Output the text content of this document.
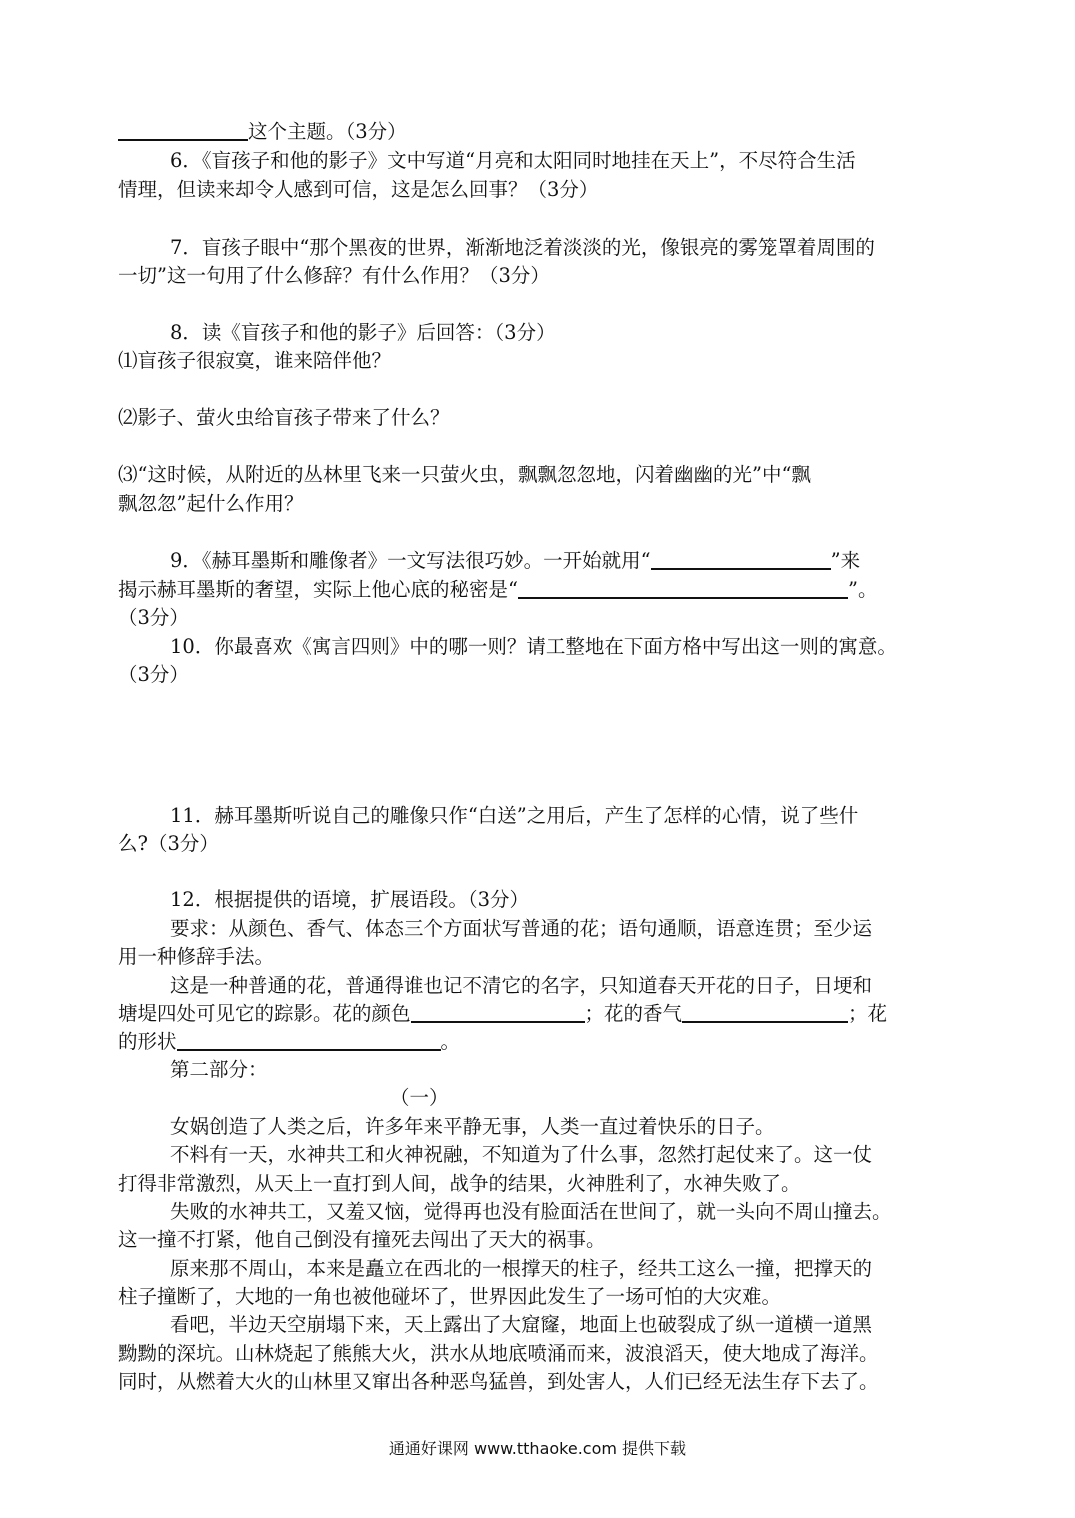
这个主题。（3分）
6．《盲孩子和他的影子》文中写道“月亮和太阳同时地挂在天上”，不尽符合生活
情理，但读来却令人感到可信，这是怎么回事？（3分）
7．盲孩子眼中“那个黑夜的世界，渐渐地泛着淡淡的光，像银亮的雾笼罩着周围的
一切”这一句用了什么修辞？有什么作用？（3分）
8．读《盲孩子和他的影子》后回答：（3分）
⑴盲孩子很寂寞，谁来陪伴他？
⑵影子、萤火虫给盲孩子带来了什么？
⑶“这时候，从附近的丛林里飞来一只萤火虫，飘飘忽忽地，闪着幽幽的光”中“飘
飘忽忽”起什么作用？
9．《赫耳墨斯和雕像者》一文写法很巧妙。一开始就用“	”来
揭示赫耳墨斯的奢望，实际上他心底的秘密是“	”。
（3分）
10．你最喜欢《寓言四则》中的哪一则？请工整地在下面方格中写出这一则的寓意。
（3分）
11．赫耳墨斯听说自己的雕像只作“白送”之用后，产生了怎样的心情，说了些什
么?（3分）
12．根据提供的语境，扩展语段。（3分）
要求：从颜色、香气、体态三个方面状写普通的花；语句通顺，语意连贯；至少运
用一种修辞手法。
这是一种普通的花，普通得谁也记不清它的名字，只知道春天开花的日子，日埂和
塘堤四处可见它的踪影。花的颜色	；花的香气	；花
的形状	。
第二部分：
（一）
女娲创造了人类之后，许多年来平静无事，人类一直过着快乐的日子。
不料有一天，水神共工和火神祝融，不知道为了什么事，忽然打起仗来了。这一仗
打得非常激烈，从天上一直打到人间，战争的结果，火神胜利了，水神失败了。
失败的水神共工，又羞又恼，觉得再也没有脸面活在世间了，就一头向不周山撞去。
这一撞不打紧，他自己倒没有撞死去闯出了天大的祸事。
原来那不周山，本来是矗立在西北的一根撑天的柱子，经共工这么一撞，把撑天的
柱子撞断了，大地的一角也被他碰坏了，世界因此发生了一场可怕的大灾难。
看吧，半边天空崩塌下来，天上露出了大窟窿，地面上也破裂成了纵一道横一道黑
黝黝的深坑。山林烧起了熊熊大火，洪水从地底喷涌而来，波浪滔天，使大地成了海洋。
同时，从燃着大火的山林里又窜出各种恶鸟猛兽，到处害人，人们已经无法生存下去了。
通通好课网 www.tthaoke.com 提供下载
